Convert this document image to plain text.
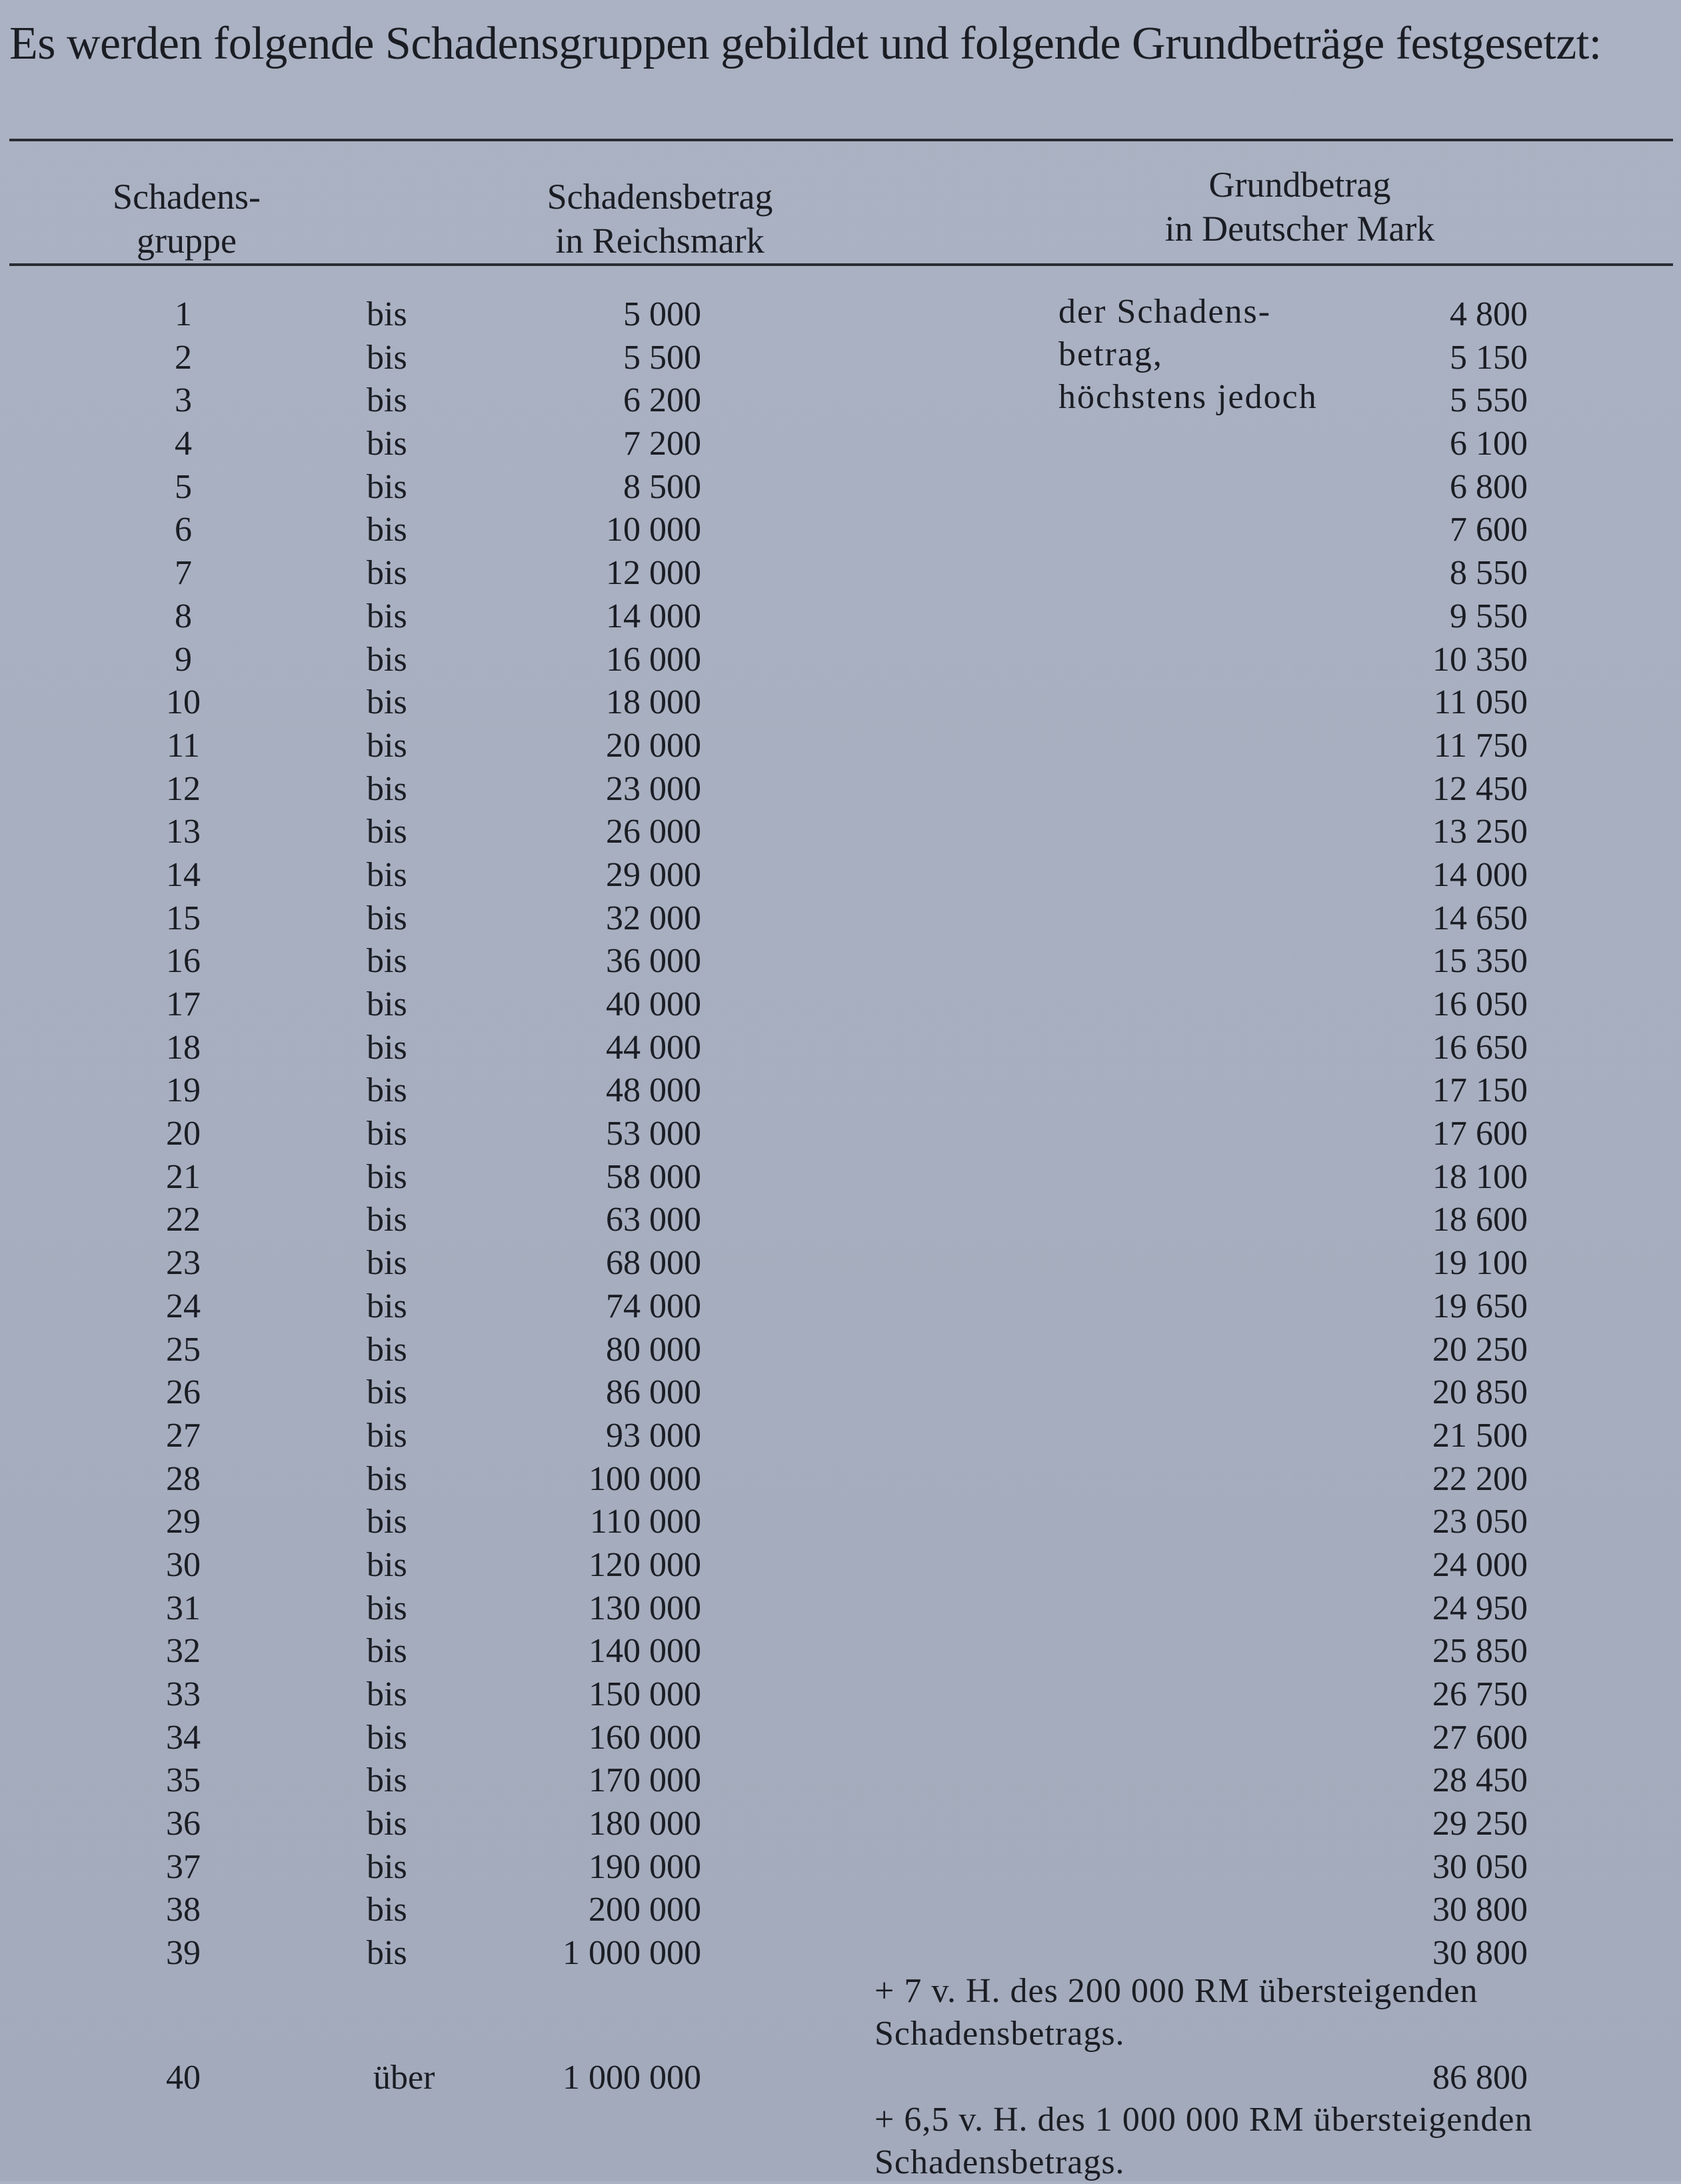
Es werden folgende Schadensgruppen gebildet und folgende Grundbeträge festgesetzt:
Schadens-
gruppe
Schadensbetrag
in Reichsmark
Grundbetrag
in Deutscher Mark
der Schadens-
betrag,
höchstens jedoch
1	bis	5 000	4 800
2	bis	5 500	5 150
3	bis	6 200	5 550
4	bis	7 200	6 100
5	bis	8 500	6 800
6	bis	10 000	7 600
7	bis	12 000	8 550
8	bis	14 000	9 550
9	bis	16 000	10 350
10	bis	18 000	11 050
11	bis	20 000	11 750
12	bis	23 000	12 450
13	bis	26 000	13 250
14	bis	29 000	14 000
15	bis	32 000	14 650
16	bis	36 000	15 350
17	bis	40 000	16 050
18	bis	44 000	16 650
19	bis	48 000	17 150
20	bis	53 000	17 600
21	bis	58 000	18 100
22	bis	63 000	18 600
23	bis	68 000	19 100
24	bis	74 000	19 650
25	bis	80 000	20 250
26	bis	86 000	20 850
27	bis	93 000	21 500
28	bis	100 000	22 200
29	bis	110 000	23 050
30	bis	120 000	24 000
31	bis	130 000	24 950
32	bis	140 000	25 850
33	bis	150 000	26 750
34	bis	160 000	27 600
35	bis	170 000	28 450
36	bis	180 000	29 250
37	bis	190 000	30 050
38	bis	200 000	30 800
39	bis	1 000 000	30 800
+ 7 v. H. des 200 000 RM übersteigenden
Schadensbetrags.
40	über	1 000 000	86 800
+ 6,5 v. H. des 1 000 000 RM übersteigenden
Schadensbetrags.
